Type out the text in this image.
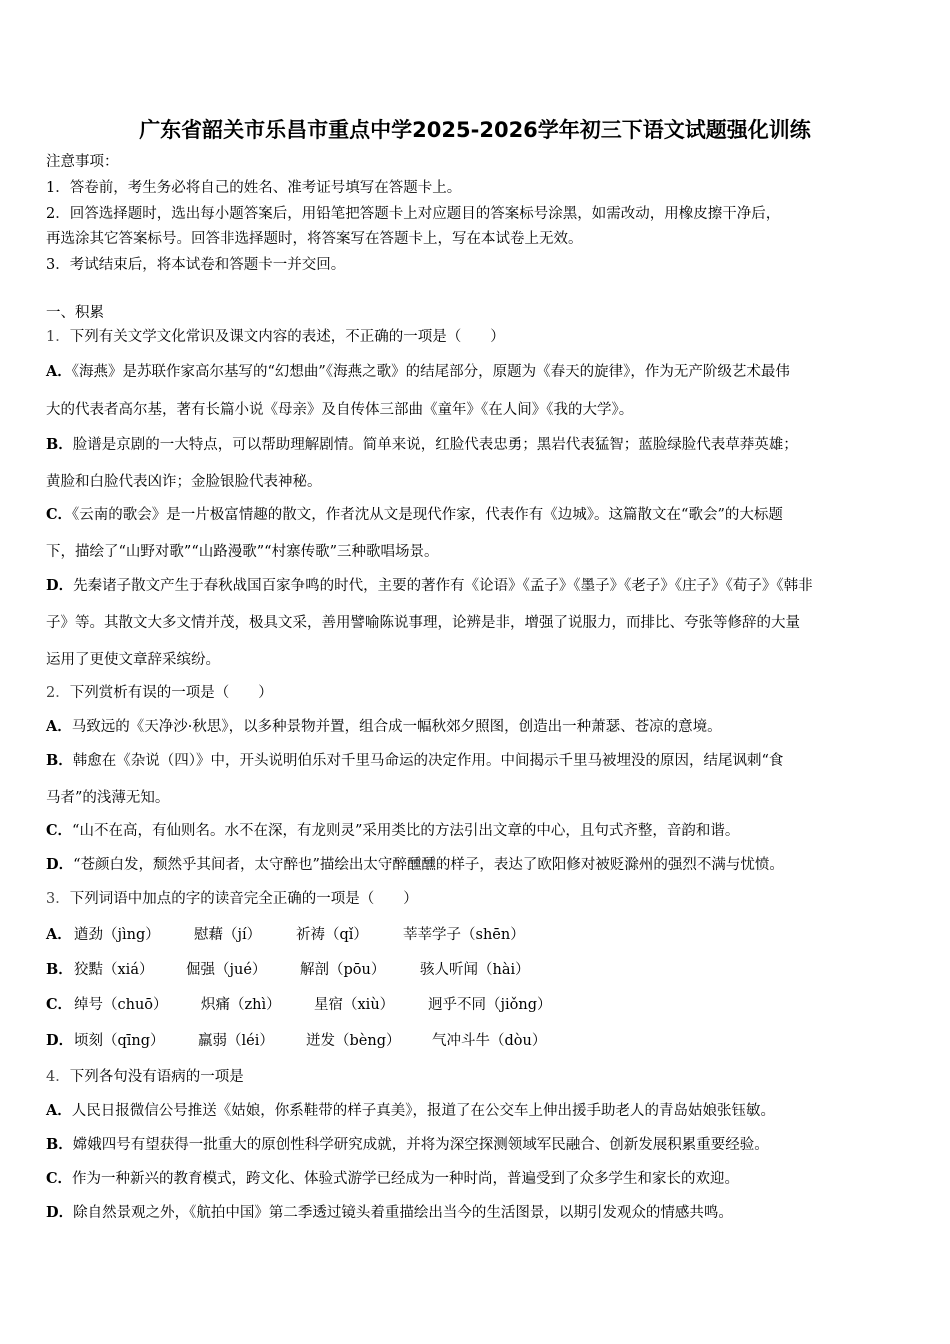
广东省韶关市乐昌市重点中学2025-2026学年初三下语文试题强化训练
注意事项：
1．答卷前，考生务必将自己的姓名、准考证号填写在答题卡上。
2．回答选择题时，选出每小题答案后，用铅笔把答题卡上对应题目的答案标号涂黑，如需改动，用橡皮擦干净后，
再选涂其它答案标号。回答非选择题时，将答案写在答题卡上，写在本试卷上无效。
3．考试结束后，将本试卷和答题卡一并交回。
一、积累
1．下列有关文学文化常识及课文内容的表述，不正确的一项是（　　）
A．《海燕》是苏联作家高尔基写的“幻想曲”《海燕之歌》的结尾部分，原题为《春天的旋律》，作为无产阶级艺术最伟
大的代表者高尔基，著有长篇小说《母亲》及自传体三部曲《童年》《在人间》《我的大学》。
B．脸谱是京剧的一大特点，可以帮助理解剧情。简单来说，红脸代表忠勇；黑岩代表猛智；蓝脸绿脸代表草莽英雄；
黄脸和白脸代表凶诈；金脸银脸代表神秘。
C．《云南的歌会》是一片极富情趣的散文，作者沈从文是现代作家，代表作有《边城》。这篇散文在“歌会”的大标题
下，描绘了“山野对歌”“山路漫歌”“村寨传歌”三种歌唱场景。
D．先秦诸子散文产生于春秋战国百家争鸣的时代，主要的著作有《论语》《孟子》《墨子》《老子》《庄子》《荀子》《韩非
子》等。其散文大多文情并茂，极具文采，善用譬喻陈说事理，论辨是非，增强了说服力，而排比、夸张等修辞的大量
运用了更使文章辞采缤纷。
2．下列赏析有误的一项是（　　）
A．马致远的《天净沙·秋思》，以多种景物并置，组合成一幅秋郊夕照图，创造出一种萧瑟、苍凉的意境。
B．韩愈在《杂说（四）》中，开头说明伯乐对千里马命运的决定作用。中间揭示千里马被埋没的原因，结尾讽刺“食
马者”的浅薄无知。
C．“山不在高，有仙则名。水不在深，有龙则灵”采用类比的方法引出文章的中心，且句式齐整，音韵和谐。
D．“苍颜白发，颓然乎其间者，太守醉也”描绘出太守醉醺醺的样子，表达了欧阳修对被贬滁州的强烈不满与忧愤。
3．下列词语中加点的字的读音完全正确的一项是（　　）
A． 遒劲（jìng） 慰藉（jí） 祈祷（qǐ） 莘莘学子（shēn）
B． 狡黠（xiá） 倔强（jué） 解剖（pōu） 骇人听闻（hài）
C． 绰号（chuō） 炽痛（zhì） 星宿（xiù） 迥乎不同（jiǒng）
D． 顷刻（qīng） 羸弱（léi） 迸发（bèng） 气冲斗牛（dòu）
4．下列各句没有语病的一项是
A．人民日报微信公号推送《姑娘，你系鞋带的样子真美》，报道了在公交车上伸出援手助老人的青岛姑娘张钰敏。
B．嫦娥四号有望获得一批重大的原创性科学研究成就，并将为深空探测领域军民融合、创新发展积累重要经验。
C．作为一种新兴的教育模式，跨文化、体验式游学已经成为一种时尚，普遍受到了众多学生和家长的欢迎。
D．除自然景观之外，《航拍中国》第二季透过镜头着重描绘出当今的生活图景，以期引发观众的情感共鸣。
